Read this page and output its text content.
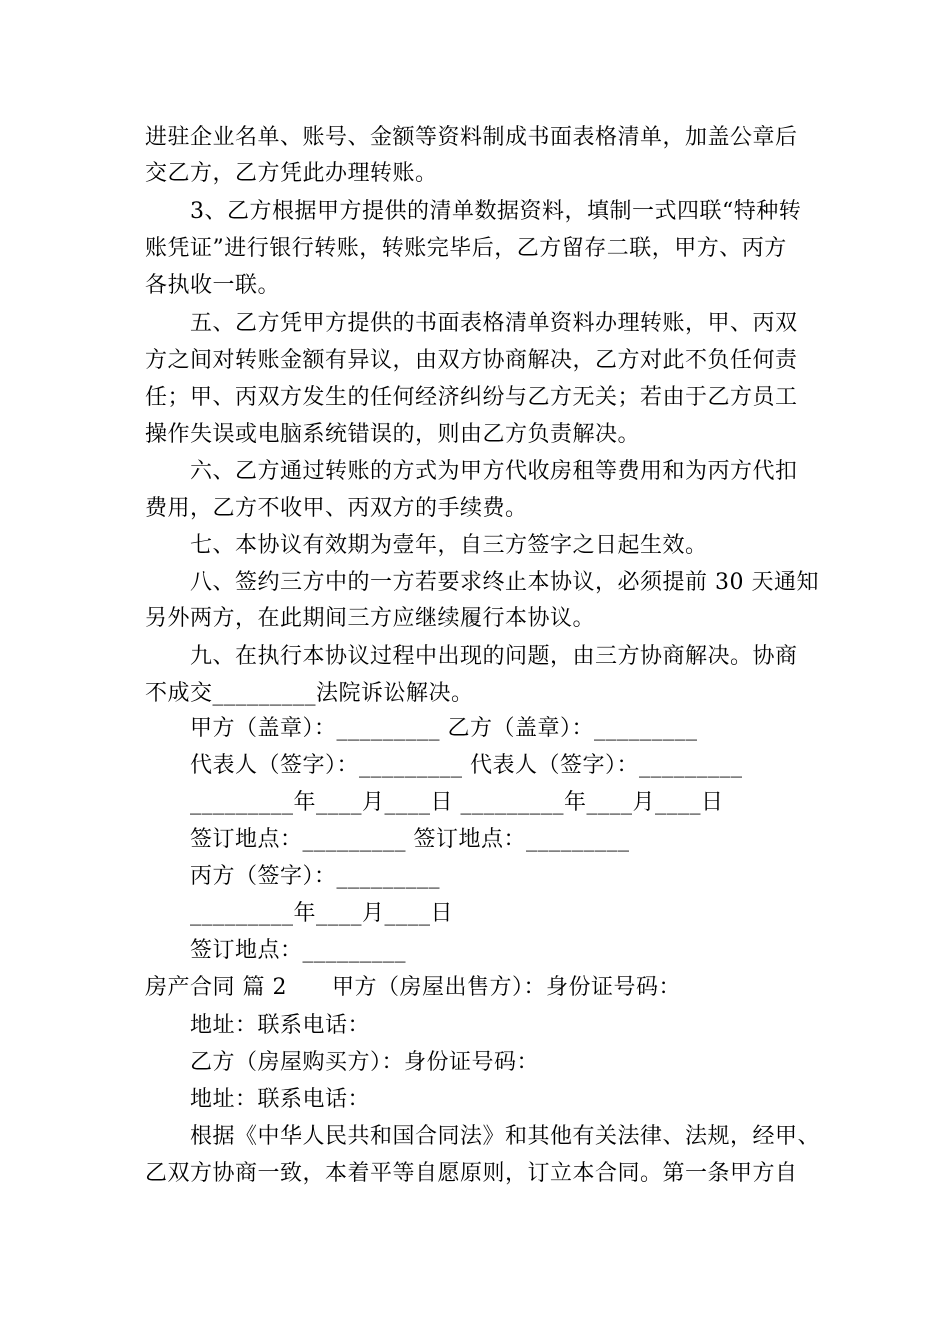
进驻企业名单、账号、金额等资料制成书面表格清单，加盖公章后
交乙方，乙方凭此办理转账。
3、乙方根据甲方提供的清单数据资料，填制一式四联“特种转
账凭证”进行银行转账，转账完毕后，乙方留存二联，甲方、丙方
各执收一联。
五、乙方凭甲方提供的书面表格清单资料办理转账，甲、丙双
方之间对转账金额有异议，由双方协商解决，乙方对此不负任何责
任；甲、丙双方发生的任何经济纠纷与乙方无关；若由于乙方员工
操作失误或电脑系统错误的，则由乙方负责解决。
六、乙方通过转账的方式为甲方代收房租等费用和为丙方代扣
费用，乙方不收甲、丙双方的手续费。
七、本协议有效期为壹年，自三方签字之日起生效。
八、签约三方中的一方若要求终止本协议，必须提前 30 天通知
另外两方，在此期间三方应继续履行本协议。
九、在执行本协议过程中出现的问题，由三方协商解决。协商
不成交_________法院诉讼解决。
甲方（盖章）：_________ 乙方（盖章）：_________
代表人（签字）：_________ 代表人（签字）：_________
_________年____月____日 _________年____月____日
签订地点：_________ 签订地点：_________
丙方（签字）：_________
_________年____月____日
签订地点：_________
房产合同 篇 2　　甲方（房屋出售方）：身份证号码：
地址：联系电话：
乙方（房屋购买方）：身份证号码：
地址：联系电话：
根据《中华人民共和国合同法》和其他有关法律、法规，经甲、
乙双方协商一致，本着平等自愿原则，订立本合同。第一条甲方自
